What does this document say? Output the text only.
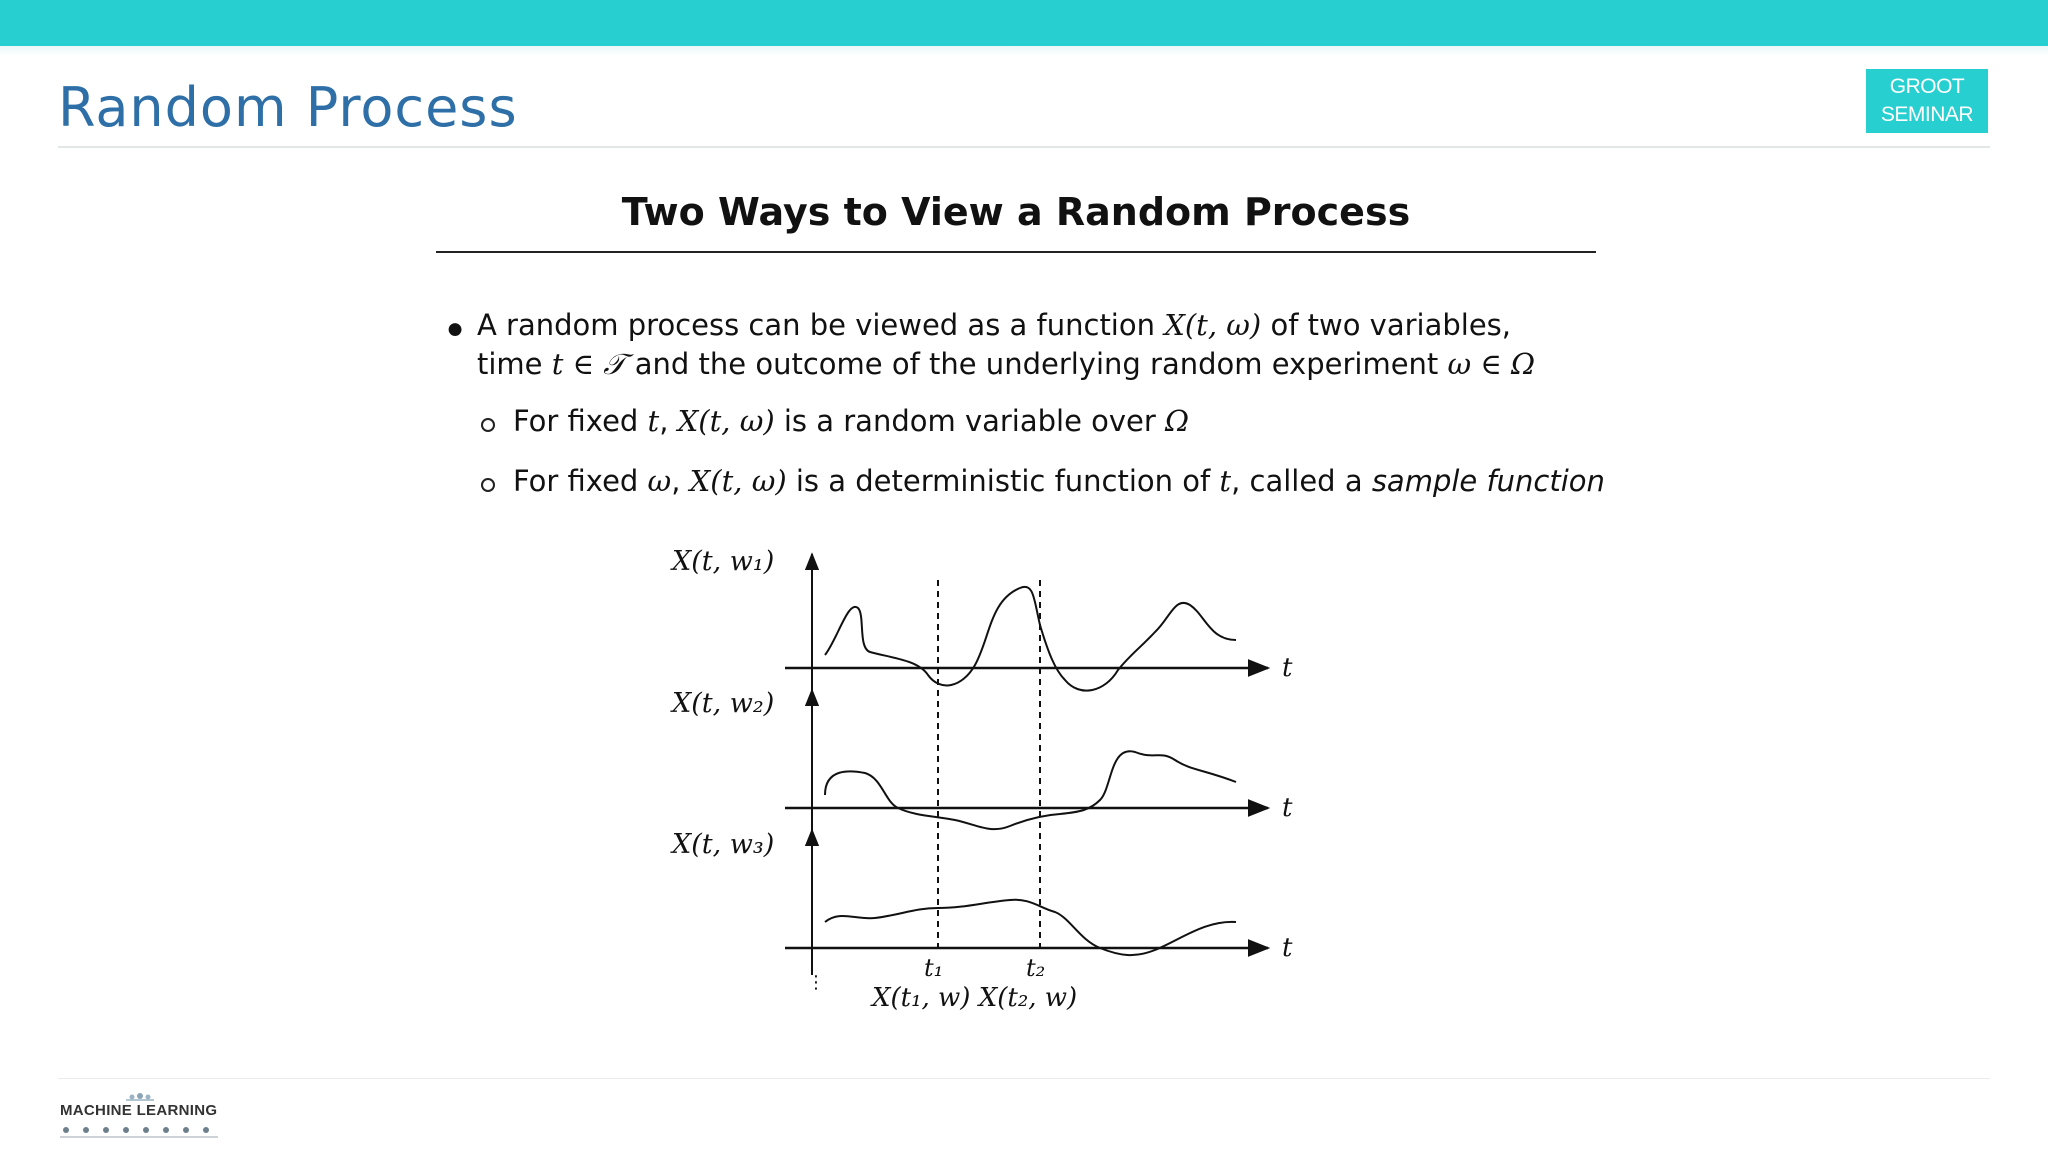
Random Process	GROOT
SEMINAR
Two Ways to View a Random Process
● A random process can be viewed as a function X(t, ω) of two variables,
time t ∈ 𝒯 and the outcome of the underlying random experiment ω ∈ Ω
For fixed t, X(t, ω) is a random variable over Ω
For fixed ω, X(t, ω) is a deterministic function of t, called a sample function
X(t, w₁)
X(t, w₂)
X(t, w₃)
t
t
t
t₁	t₂
X(t₁, w) X(t₂, w)
⋮
MACHINE LEARNING
